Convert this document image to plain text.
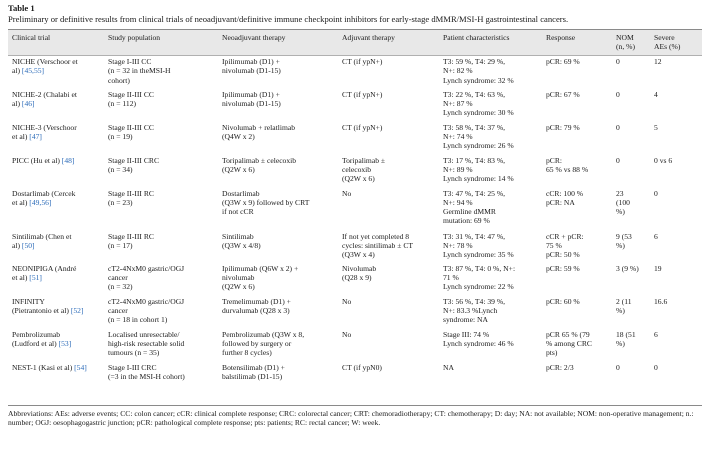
Table 1
Preliminary or definitive results from clinical trials of neoadjuvant/definitive immune checkpoint inhibitors for early-stage dMMR/MSI-H gastrointestinal cancers.
Clinical trial	Study population	Neoadjuvant therapy	Adjuvant therapy	Patient characteristics	Response	NOM
(n, %)	Severe
AEs (%)
NICHE (Verschoor et
al) [45,55]	Stage I-III CC
(n = 32 in theMSI-H
cohort)	Ipilimumab (D1) +
nivolumab (D1-15)	CT (if ypN+)	T3: 59 %, T4: 29 %,
N+: 82 %
Lynch syndrome: 32 %	pCR: 69 %	0	12
NICHE-2 (Chalabi et
al) [46]	Stage II-III CC
(n = 112)	Ipilimumab (D1) +
nivolumab (D1-15)	CT (if ypN+)	T3: 22 %, T4: 63 %,
N+: 87 %
Lynch syndrome: 30 %	pCR: 67 %	0	4
NICHE-3 (Verschoor
et al) [47]	Stage II-III CC
(n = 19)	Nivolumab + relatlimab
(Q4W x 2)	CT (if ypN+)	T3: 58 %, T4: 37 %,
N+: 74 %
Lynch syndrome: 26 %	pCR: 79 %	0	5
PICC (Hu et al) [48]	Stage II-III CRC
(n = 34)	Toripalimab ± celecoxib
(Q2W x 6)	Toripalimab ±
celecoxib
(Q2W x 6)	T3: 17 %, T4: 83 %,
N+: 89 %
Lynch syndrome: 14 %	pCR:
65 % vs 88 %	0	0 vs 6
Dostarlimab (Cercek
et al) [49,56]	Stage II-III RC
(n = 23)	Dostarlimab
(Q3W x 9) followed by CRT
if not cCR	No	T3: 47 %, T4: 25 %,
N+: 94 %
Germline dMMR
mutation: 69 %	cCR: 100 %
pCR: NA	23
(100
%)	0
Sintilimab (Chen et
al) [50]	Stage II-III RC
(n = 17)	Sintilimab
(Q3W x 4/8)	If not yet completed 8
cycles: sintilimab ± CT
(Q3W x 4)	T3: 31 %, T4: 47 %,
N+: 78 %
Lynch syndrome: 35 %	cCR + pCR:
75 %
pCR: 50 %	9 (53
%)	6
NEONIPIGA (André
et al) [51]	cT2-4NxM0 gastric/OGJ
cancer
(n = 32)	Ipilimumab (Q6W x 2) +
nivolumab
(Q2W x 6)	Nivolumab
(Q28 x 9)	T3: 87 %, T4: 0 %, N+:
71 %
Lynch syndrome: 22 %	pCR: 59 %	3 (9 %)	19
INFINITY
(Pietrantonio et al) [52]	cT2-4NxM0 gastric/OGJ
cancer
(n = 18 in cohort 1)	Tremelimumab (D1) +
durvalumab (Q28 x 3)	No	T3: 56 %, T4: 39 %,
N+: 83.3 %Lynch
syndrome: NA	pCR: 60 %	2 (11
%)	16.6
Pembrolizumab
(Ludford et al) [53]	Localised unresectable/
high-risk resectable solid
tumours (n = 35)	Pembrolizumab (Q3W x 8,
followed by surgery or
further 8 cycles)	No	Stage III: 74 %
Lynch syndrome: 46 %	pCR 65 % (79
% among CRC
pts)	18 (51
%)	6
NEST-1 (Kasi et al) [54]	Stage I-III CRC
(=3 in the MSI-H cohort)	Botensilimab (D1) +
balstilimab (D1-15)	CT (if ypN0)	NA	pCR: 2/3	0	0
Abbreviations: AEs: adverse events; CC: colon cancer; cCR: clinical complete response; CRC: colorectal cancer; CRT: chemoradiotherapy; CT: chemotherapy; D: day; NA: not available; NOM: non-operative management; n.: number; OGJ: oesophagogastric junction; pCR: pathological complete response; pts: patients; RC: rectal cancer; W: week.
